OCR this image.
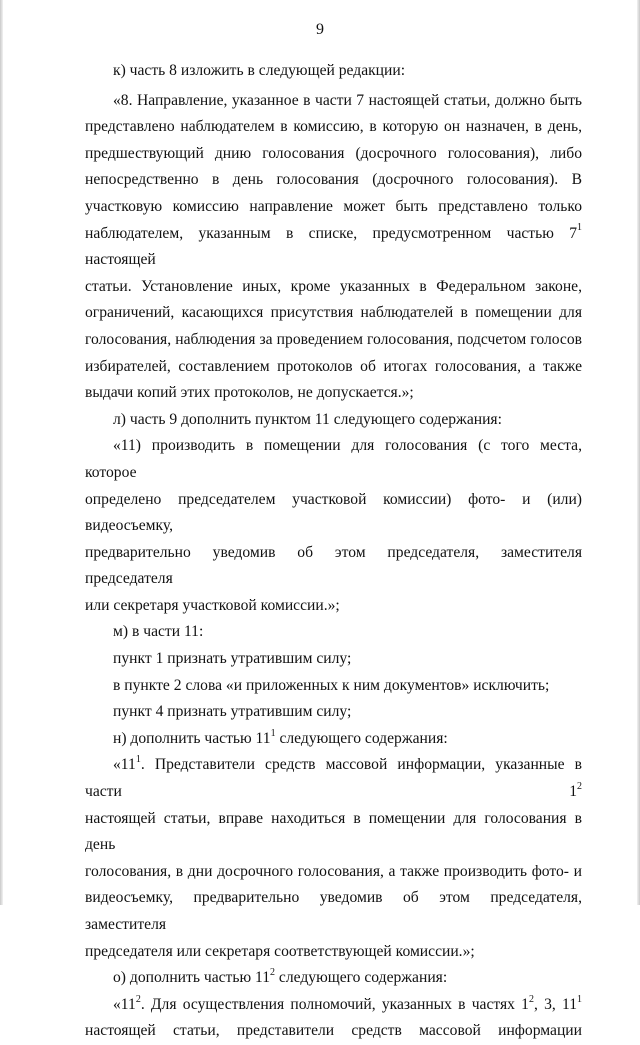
9

к) часть 8 изложить в следующей редакции:

«8. Направление, указанное в части 7 настоящей статьи, должно быть

представлено наблюдателем в комиссию, в которую он назначен, в день,

предшествующий днию голосования (досрочного голосования), либо

непосредственно в день голосования (досрочного голосования). В

участковую комиссию направление может быть представлено только

наблюдателем, указанным в списке, предусмотренном частью $7^1$ настоящей

статьи. Установление иных, кроме указанных в Федеральном законе,

ограничений, касающихся присутствия наблюдателей в помещении для

голосования, наблюдения за проведением голосования, подсчетом голосов

избирателей, составлением протоколов об итогах голосования, а также

выдачи копий этих протоколов, не допускается.»;

л) часть 9 дополнить пунктом 11 следующего содержания:

«11) производить в помещении для голосования (с того места, которое

определено председателем участковой комиссии) фото- и (или) видеосъемку,

предварительно уведомив об этом председателя, заместителя председателя

или секретаря участковой комиссии.»;

м) в части 11:

пункт 1 признать утратившим силу;

в пункте 2 слова «и приложенных к ним документов» исключить;

пункт 4 признать утратившим силу;

н) дополнить частью $11^1$ следующего содержания:

«$11^1$. Представители средств массовой информации, указанные в части $1^2$

настоящей статьи, вправе находиться в помещении для голосования в день

голосования, в дни досрочного голосования, а также производить фото- и

видеосъемку, предварительно уведомив об этом председателя, заместителя

председателя или секретаря соответствующей комиссии.»;

о) дополнить частью $11^2$ следующего содержания:

«$11^2$. Для осуществления полномочий, указанных в частях $1^2$, 3, $11^1$

настоящей статьи, представители средств массовой информации
